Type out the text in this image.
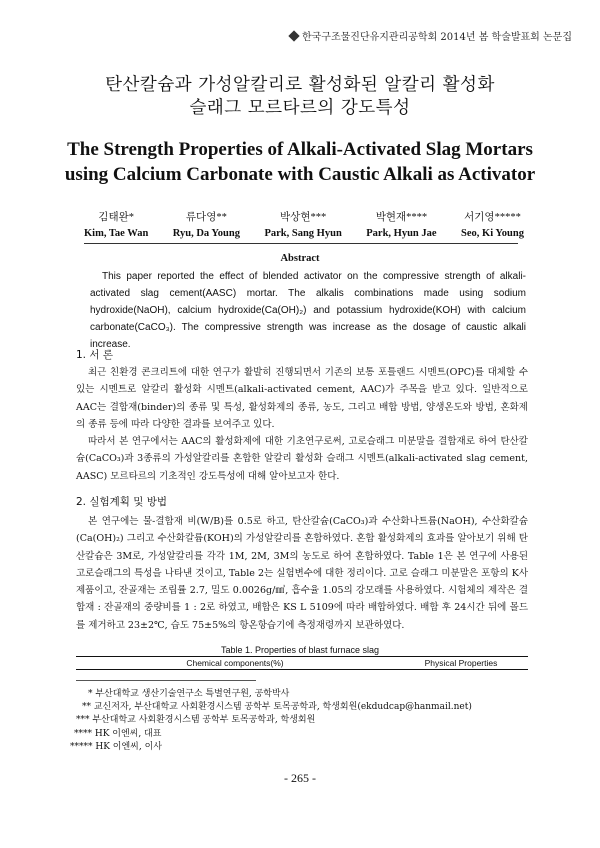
한국구조물진단유지관리공학회 2014년 봄 학술발표회 논문집
탄산칼슘과 가성알칼리로 활성화된 알칼리 활성화
슬래그 모르타르의 강도특성
The Strength Properties of Alkali-Activated Slag Mortars
using Calcium Carbonate with Caustic Alkali as Activator
김태완*
Kim, Tae Wan
류다영**
Ryu, Da Young
박상현***
Park, Sang Hyun
박현재****
Park, Hyun Jae
서기영*****
Seo, Ki Young
Abstract
This paper reported the effect of blended activator on the compressive strength of alkali-activated slag cement(AASC) mortar. The alkalis combinations made using sodium hydroxide(NaOH), calcium hydroxide(Ca(OH)₂) and potassium hydroxide(KOH) with calcium carbonate(CaCO₃). The compressive strength was increase as the dosage of caustic alkali increase.
1. 서 론

최근 친환경 콘크리트에 대한 연구가 활발히 진행되면서 기존의 보통 포틀랜드 시멘트(OPC)를 대체할 수 있는 시멘트로 알칼리 활성화 시멘트(alkali-activated cement, AAC)가 주목을 받고 있다. 일반적으로 AAC는 결합재(binder)의 종류 및 특성, 활성화제의 종류, 농도, 그리고 배합 방법, 양생온도와 방법, 혼화제의 종류 등에 따라 다양한 결과를 보여주고 있다.

따라서 본 연구에서는 AAC의 활성화제에 대한 기초연구로써, 고로슬래그 미분말을 결합재로 하여 탄산칼슘(CaCO₃)과 3종류의 가성알칼리를 혼합한 알칼리 활성화 슬래그 시멘트(alkali-activated slag cement, AASC) 모르타르의 기초적인 강도특성에 대해 알아보고자 한다.

2. 실험계획 및 방법

본 연구에는 물-결합재 비(W/B)를 0.5로 하고, 탄산칼슘(CaCO₃)과 수산화나트륨(NaOH), 수산화칼슘(Ca(OH)₂) 그리고 수산화칼륨(KOH)의 가성알칼리를 혼합하였다. 혼합 활성화제의 효과를 알아보기 위해 탄산칼슘은 3M로, 가성알칼리를 각각 1M, 2M, 3M의 농도로 하여 혼합하였다. Table 1은 본 연구에 사용된 고로슬래그의 특성을 나타낸 것이고, Table 2는 실험변수에 대한 정리이다. 고로 슬래그 미분말은 포항의 K사 제품이고, 잔골재는 조립률 2.7, 밀도 0.0026g/㎣, 흡수율 1.05의 강모래를 사용하였다. 시험체의 제작은 결합재 : 잔골재의 중량비를 1 : 2로 하였고, 배합은 KS L 5109에 따라 배합하였다. 배합 후 24시간 뒤에 몰드를 제거하고 23±2℃, 습도 75±5%의 항온항습기에 측정재령까지 보관하였다.

Table 1. Properties of blast furnace slag
Chemical components(%)	Physical Properties
* 부산대학교 생산기술연구소 특별연구원, 공학박사
** 교신저자, 부산대학교 사회환경시스템 공학부 토목공학과, 학생회원(ekdudcap@hanmail.net)
*** 부산대학교 사회환경시스템 공학부 토목공학과, 학생회원
**** HK 이엔씨, 대표
***** HK 이엔씨, 이사
- 265 -
